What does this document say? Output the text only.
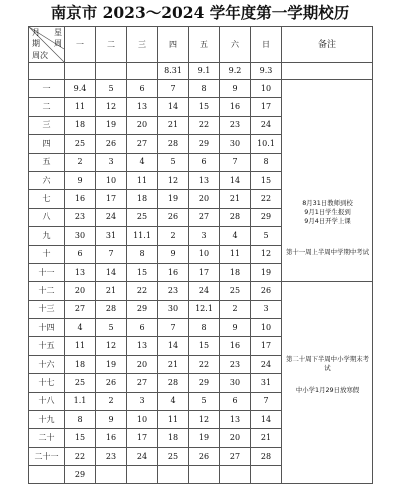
南京市 2023～2024 学年度第一学期校历
月 星
期 周
周次	一	二	三	四	五	六	日	备注
				8.31	9.1	9.2	9.3	
一	9.4	5	6	7	8	9	10	8月31日教师到校
9月1日学生报到
9月4日开学上课
第十一周上半周中学期中考试

二	11	12	13	14	15	16	17	
三	18	19	20	21	22	23	24	
四	25	26	27	28	29	30	10.1	
五	2	3	4	5	6	7	8	
六	9	10	11	12	13	14	15	
七	16	17	18	19	20	21	22	
八	23	24	25	26	27	28	29	
九	30	31	11.1	2	3	4	5	
十	6	7	8	9	10	11	12	
十一	13	14	15	16	17	18	19	
十二	20	21	22	23	24	25	26	第二十周下半周中小学期末考试
中小学1月29日放寒假

十三	27	28	29	30	12.1	2	3	
十四	4	5	6	7	8	9	10	
十五	11	12	13	14	15	16	17	
十六	18	19	20	21	22	23	24	
十七	25	26	27	28	29	30	31	
十八	1.1	2	3	4	5	6	7	
十九	8	9	10	11	12	13	14	
二十	15	16	17	18	19	20	21	
二十一	22	23	24	25	26	27	28	
	29							
